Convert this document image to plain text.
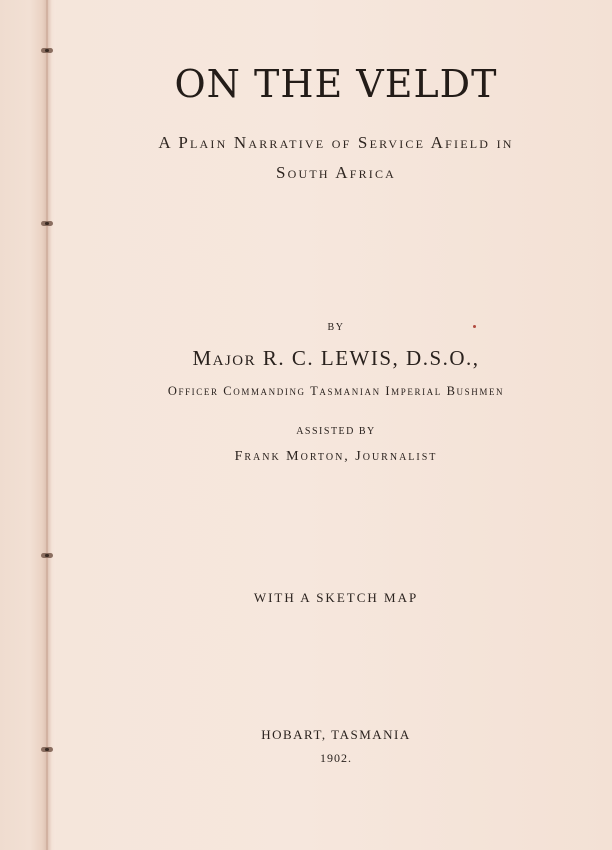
ON THE VELDT
A Plain Narrative of Service Afield in
South Africa
BY
Major R. C. LEWIS, D.S.O.,
Officer Commanding Tasmanian Imperial Bushmen
ASSISTED BY
Frank Morton, Journalist
WITH A SKETCH MAP
HOBART, TASMANIA
1902.
